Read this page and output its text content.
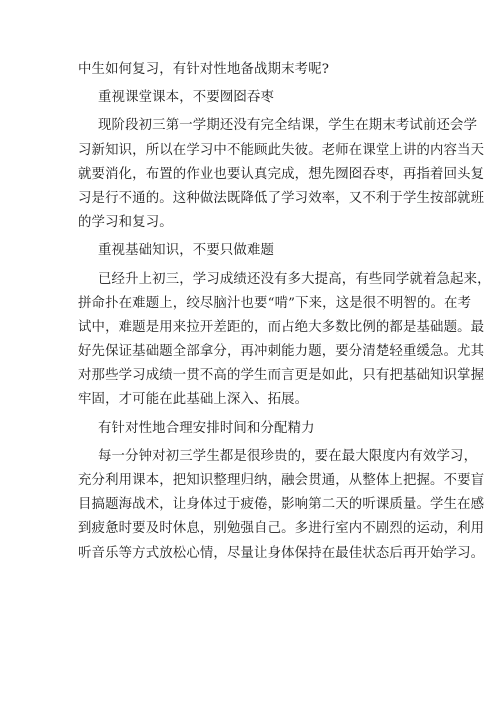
中生如何复习，有针对性地备战期末考呢?
重视课堂课本，不要囫囵吞枣
现阶段初三第一学期还没有完全结课，学生在期末考试前还会学
习新知识，所以在学习中不能顾此失彼。老师在课堂上讲的内容当天
就要消化，布置的作业也要认真完成，想先囫囵吞枣，再指着回头复
习是行不通的。这种做法既降低了学习效率，又不利于学生按部就班
的学习和复习。
重视基础知识，不要只做难题
已经升上初三，学习成绩还没有多大提高，有些同学就着急起来，
拼命扑在难题上，绞尽脑汁也要“啃”下来，这是很不明智的。在考
试中，难题是用来拉开差距的，而占绝大多数比例的都是基础题。最
好先保证基础题全部拿分，再冲刺能力题，要分清楚轻重缓急。尤其
对那些学习成绩一贯不高的学生而言更是如此，只有把基础知识掌握
牢固，才可能在此基础上深入、拓展。
有针对性地合理安排时间和分配精力
每一分钟对初三学生都是很珍贵的，要在最大限度内有效学习，
充分利用课本，把知识整理归纳，融会贯通，从整体上把握。不要盲
目搞题海战术，让身体过于疲倦，影响第二天的听课质量。学生在感
到疲惫时要及时休息，别勉强自己。多进行室内不剧烈的运动，利用
听音乐等方式放松心情，尽量让身体保持在最佳状态后再开始学习。
